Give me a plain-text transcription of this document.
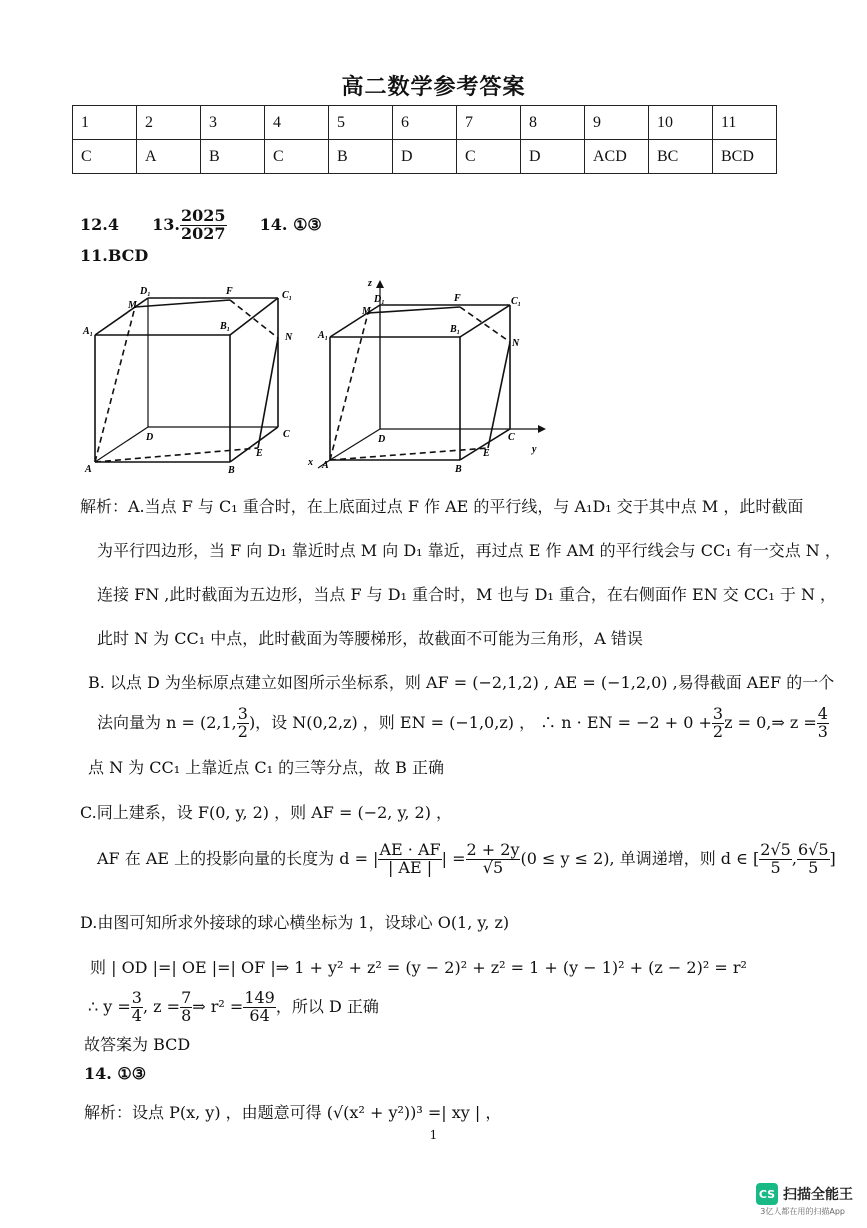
高二数学参考答案
1	2	3	4	5	6	7	8	9	10	11
C	A	B	C	B	D	C	D	ACD	BC	BCD
12.4 13. $\frac{2025}{2027} 14$. ①③
11.BCD
D₁	F	C₁
M
A₁	B₁
N
D	C
A	B
E
z
y
x
D₁	F	C₁
M
A₁
B₁
N
D	C
A	B
E
解析：A.当点 F 与 C₁ 重合时，在上底面过点 F 作 AE 的平行线，与 A₁D₁ 交于其中点 M ，此时截面
为平行四边形，当 F 向 D₁ 靠近时点 M 向 D₁ 靠近，再过点 E 作 AM 的平行线会与 CC₁ 有一交点 N ，
连接 FN ,此时截面为五边形，当点 F 与 D₁ 重合时，M 也与 D₁ 重合，在右侧面作 EN 交 CC₁ 于 N ，
此时 N 为 CC₁ 中点，此时截面为等腰梯形，故截面不可能为三角形，A 错误
B. 以点 D 为坐标原点建立如图所示坐标系，则 AF = (−2,1,2) , AE = (−1,2,0) ,易得截面 AEF 的一个
法向量为 n = (2,1, $\frac{3}{2}$ )，设 N(0,2,z) ，则 EN = (−1,0,z) ， ∴ n · EN = $-2 + 0 + \frac{3}{2}$ z = 0,⇒ $z = \frac{4}{3}$
点 N 为 CC₁ 上靠近点 C₁ 的三等分点，故 B 正确
C.同上建系，设 F(0, y, 2) ，则 AF = (−2, y, 2) ，
AF 在 AE 上的投影向量的长度为 d = | $\frac{AE \cdot AF}{| AE |}$ | = $\frac{2 + 2y}{√5} (0 \le y \le 2)$, 单调递增，则 d ∈ [ $\frac{2√5}{5}$ , $\frac{6√5}{5}$ ]
D.由图可知所求外接球的球心横坐标为 1，设球心 O(1, y, z)
则 | OD |=| OE |=| OF |⇒ 1 + y² + z² = (y − 2)² + z² = 1 + (y − 1)² + (z − 2)² = r²
∴ $y = \frac{3}{4}$ , $z = \frac{7}{8}$ ⇒ $r^2 = \frac{149}{64}$ ，所以 D 正确
故答案为 BCD
14. ①③
解析：设点 P(x, y) ，由题意可得 (√(x² + y²))³ =| xy | ，
1
CS 扫描全能王
3亿人都在用的扫描App
